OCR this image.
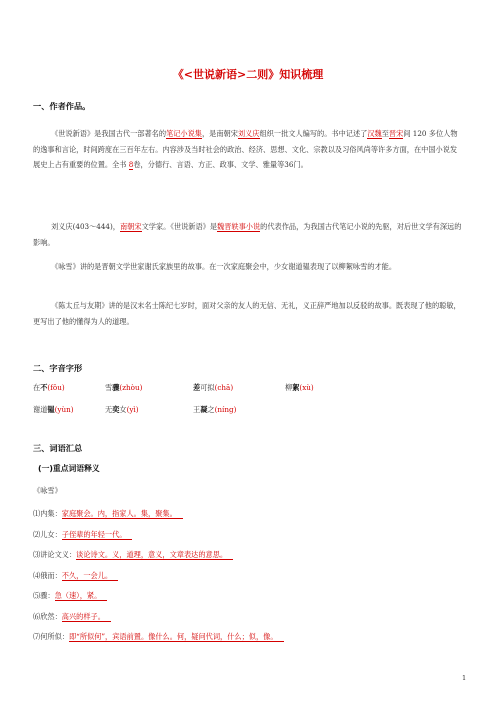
《<世说新语>二则》知识梳理
一、作者作品。
《世说新语》是我国古代一部著名的笔记小说集，是南朝宋刘义庆组织一批文人编写的。书中记述了汉魏至晋宋间 120 多位人物的逸事和言论，时间跨度在三百年左右。内容涉及当时社会的政治、经济、思想、文化、宗教以及习俗风尚等许多方面，在中国小说发展史上占有重要的位置。全书 8卷，分德行、言语、方正、政事、文学、雅量等36门。
刘义庆(403～444)，南朝宋文学家。《世说新语》是魏晋轶事小说的代表作品，为我国古代笔记小说的先驱，对后世文学有深远的影响。
《咏雪》讲的是晋朝文学世家谢氏家族里的故事。在一次家庭聚会中，少女谢道韫表现了以柳絮咏雪的才能。
《陈太丘与友期》讲的是汉末名士陈纪七岁时，面对父亲的友人的无信、无礼，义正辞严地加以反驳的故事。既表现了他的聪敏，更写出了他的懂得为人的道理。
二、字音字形
在不(fǒu)	雪骤(zhòu)	差可拟(chā)	柳絮(xù)
谢道韫(yùn)	无奕女(yì)	王凝之(níng)
三、词语汇总
(一)重点词语释义
《咏雪》
⑴内集：家庭聚会。内，指家人。集，聚集。
⑵儿女：子侄辈的年轻一代。
⑶讲论文义：谈论诗文。义，道理，意义，文章表达的意思。
⑷俄而：不久，一会儿。
⑸骤：急（速），紧。
⑹欣然：高兴的样子。
⑺何所似：即“所似何”，宾语前置。像什么。何，疑问代词，什么；似，像。
1
